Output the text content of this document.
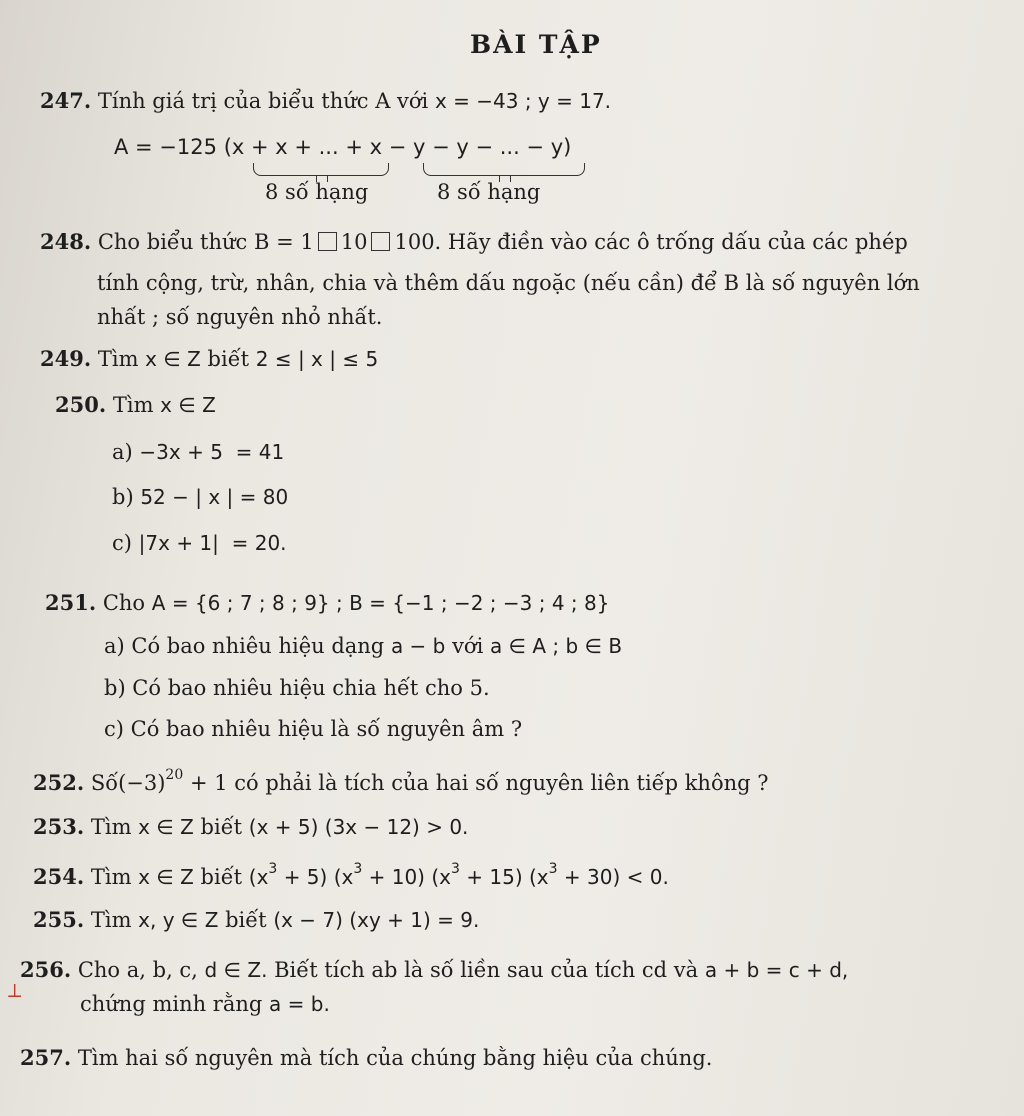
BÀI TẬP
247. Tính giá trị của biểu thức A với x = −43 ; y = 17.
A = −125 (x + x + ... + x − y − y − ... − y)
8 số hạng	8 số hạng
248. Cho biểu thức B = 1 10 100. Hãy điền vào các ô trống dấu của các phép
tính cộng, trừ, nhân, chia và thêm dấu ngoặc (nếu cần) để B là số nguyên lớn
nhất ; số nguyên nhỏ nhất.
249. Tìm x ∈ Z biết 2 ≤ | x | ≤ 5
250. Tìm x ∈ Z
a) −3x + 5  = 41
b) 52 − | x | = 80
c) |7x + 1|  = 20.
251. Cho A = {6 ; 7 ; 8 ; 9} ; B = {−1 ; −2 ; −3 ; 4 ; 8}
a) Có bao nhiêu hiệu dạng a − b với a ∈ A ; b ∈ B
b) Có bao nhiêu hiệu chia hết cho 5.
c) Có bao nhiêu hiệu là số nguyên âm ?
252. $Số(-3)^{20} + 1$ có phải là tích của hai số nguyên liên tiếp không ?
253. Tìm x ∈ Z biết (x + 5) (3x − 12) > 0.
254. Tìm x ∈ Z biết $(x^3 + 5) (x^3 + 10) (x^3 + 15) (x^3 + 30) < 0$.
255. Tìm x, y ∈ Z biết (x − 7) (xy + 1) = 9.
256. Cho a, b, c, d ∈ Z. Biết tích ab là số liền sau của tích cd và a + b = c + d,
⟂
chứng minh rằng a = b.
257. Tìm hai số nguyên mà tích của chúng bằng hiệu của chúng.
